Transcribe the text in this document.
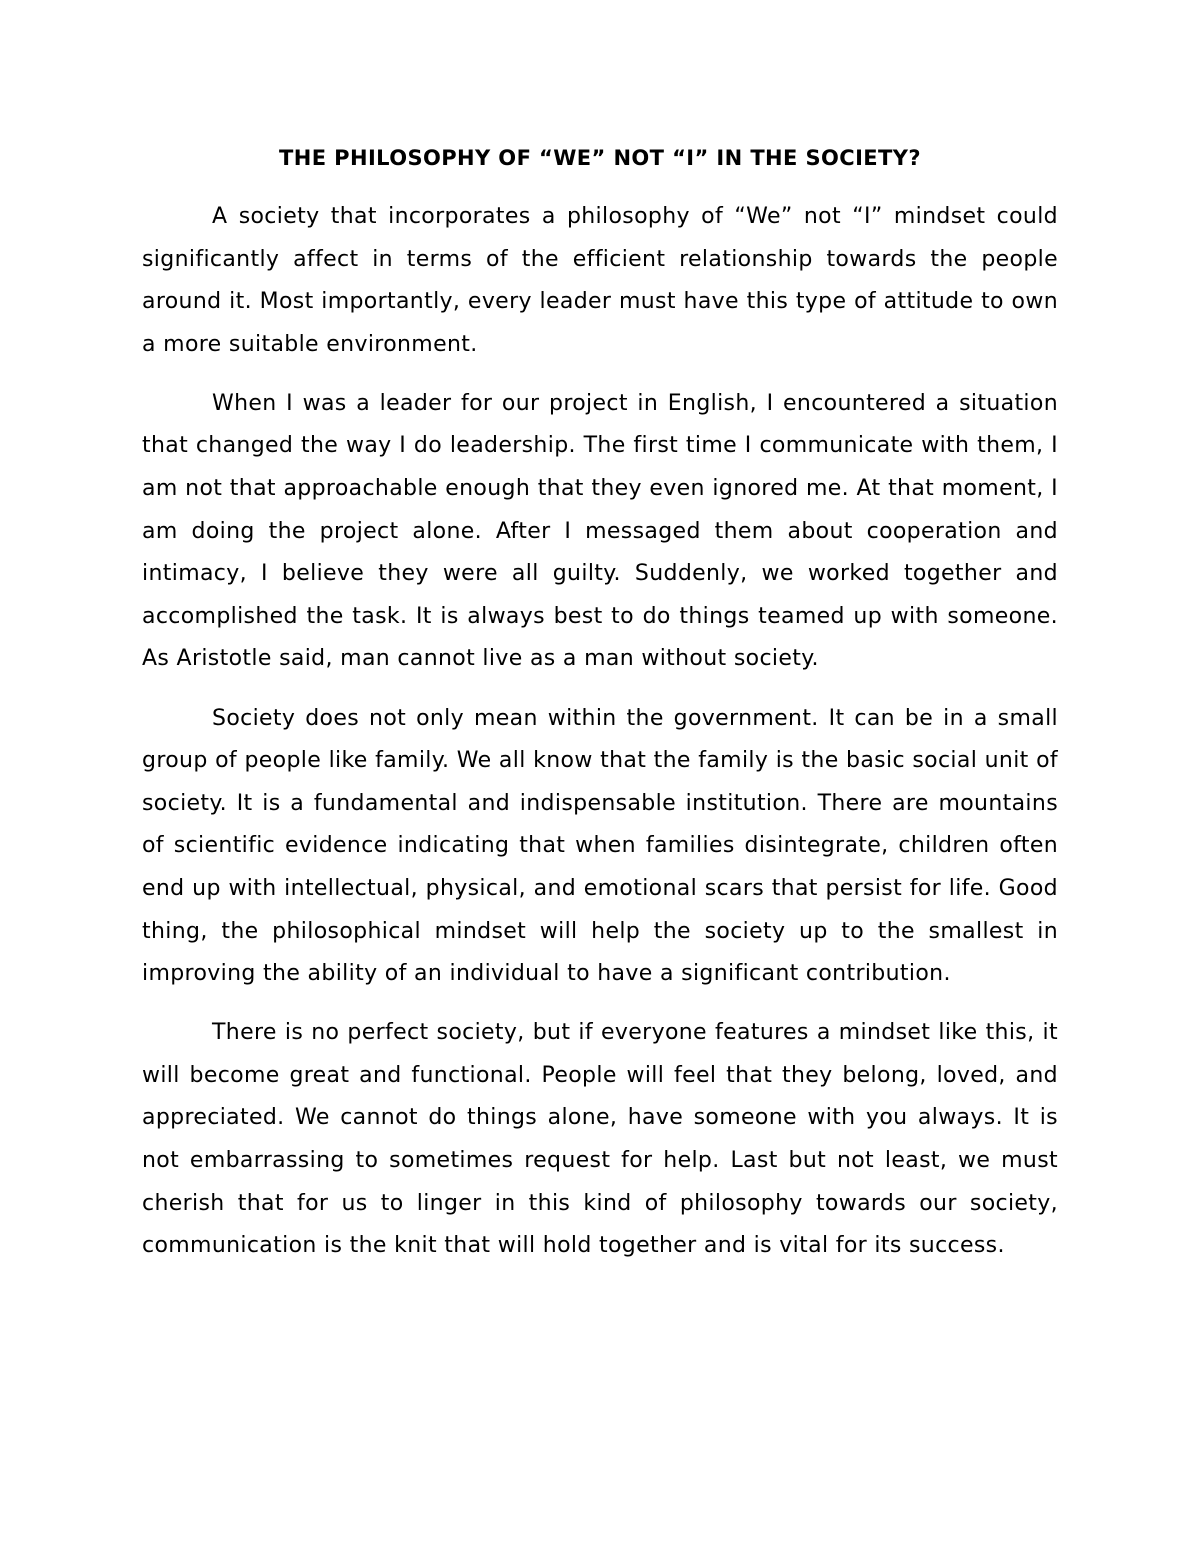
THE PHILOSOPHY OF “WE” NOT “I” IN THE SOCIETY?

A society that incorporates a philosophy of “We” not “I” mindset could significantly affect in terms of the efficient relationship towards the people around it. Most importantly, every leader must have this type of attitude to own a more suitable environment.

When I was a leader for our project in English, I encountered a situation that changed the way I do leadership. The first time I communicate with them, I am not that approachable enough that they even ignored me. At that moment, I am doing the project alone. After I messaged them about cooperation and intimacy, I believe they were all guilty. Suddenly, we worked together and accomplished the task. It is always best to do things teamed up with someone. As Aristotle said, man cannot live as a man without society.

Society does not only mean within the government. It can be in a small group of people like family. We all know that the family is the basic social unit of society. It is a fundamental and indispensable institution. There are mountains of scientific evidence indicating that when families disintegrate, children often end up with intellectual, physical, and emotional scars that persist for life. Good thing, the philosophical mindset will help the society up to the smallest in improving the ability of an individual to have a significant contribution.

There is no perfect society, but if everyone features a mindset like this, it will become great and functional. People will feel that they belong, loved, and appreciated. We cannot do things alone, have someone with you always. It is not embarrassing to sometimes request for help. Last but not least, we must cherish that for us to linger in this kind of philosophy towards our society, communication is the knit that will hold together and is vital for its success.
